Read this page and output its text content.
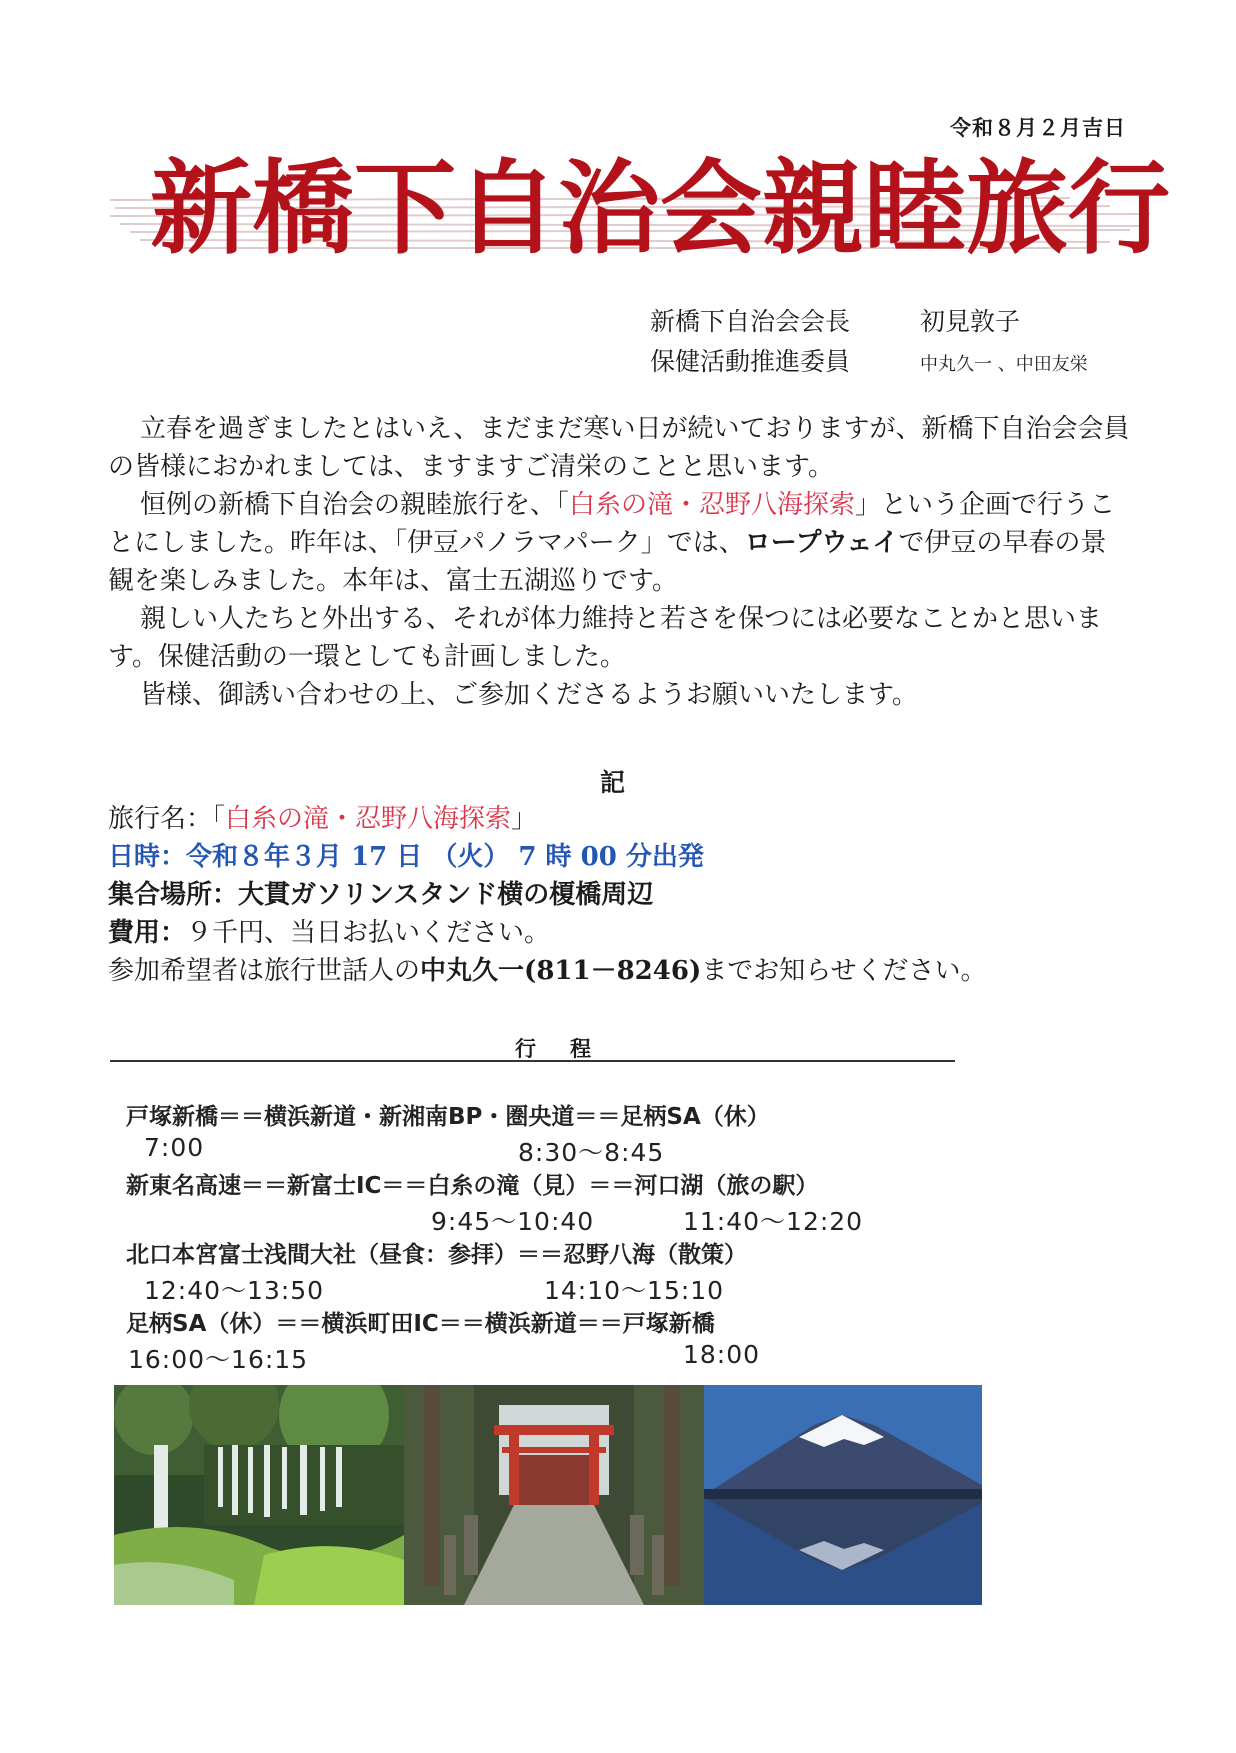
令和８月２月吉日
新橋下自治会親睦旅行
新橋下自治会会長	初見敦子
保健活動推進委員	中丸久一 、中田友栄

立春を過ぎましたとはいえ、まだまだ寒い日が続いておりますが、新橋下自治会会員の皆様におかれましては、ますますご清栄のことと思います。

恒例の新橋下自治会の親睦旅行を、「白糸の滝・忍野八海探索」という企画で行うことにしました。昨年は、「伊豆パノラマパーク」では、ロープウェイで伊豆の早春の景観を楽しみました。本年は、富士五湖巡りです。

親しい人たちと外出する、それが体力維持と若さを保つには必要なことかと思います。保健活動の一環としても計画しました。

皆様、御誘い合わせの上、ご参加くださるようお願いいたします。

記
旅行名：「白糸の滝・忍野八海探索」
日時：令和８年３月 17 日 （火） 7 時 00 分出発
集合場所：大貫ガソリンスタンド横の榎橋周辺
費用：９千円、当日お払いください。
参加希望者は旅行世話人の中丸久一(811－8246)までお知らせください。
行程
戸塚新橋＝＝横浜新道・新湘南BP・圏央道＝＝足柄SA（休）
7:00	8:30～8:45
新東名高速＝＝新富士IC＝＝白糸の滝（見）＝＝河口湖（旅の駅）
9:45～10:40	11:40～12:20
北口本宮富士浅間大社（昼食：参拝）＝＝忍野八海（散策）
12:40～13:50	14:10～15:10
足柄SA（休）＝＝横浜町田IC＝＝横浜新道＝＝戸塚新橋
16:00～16:15	18:00
